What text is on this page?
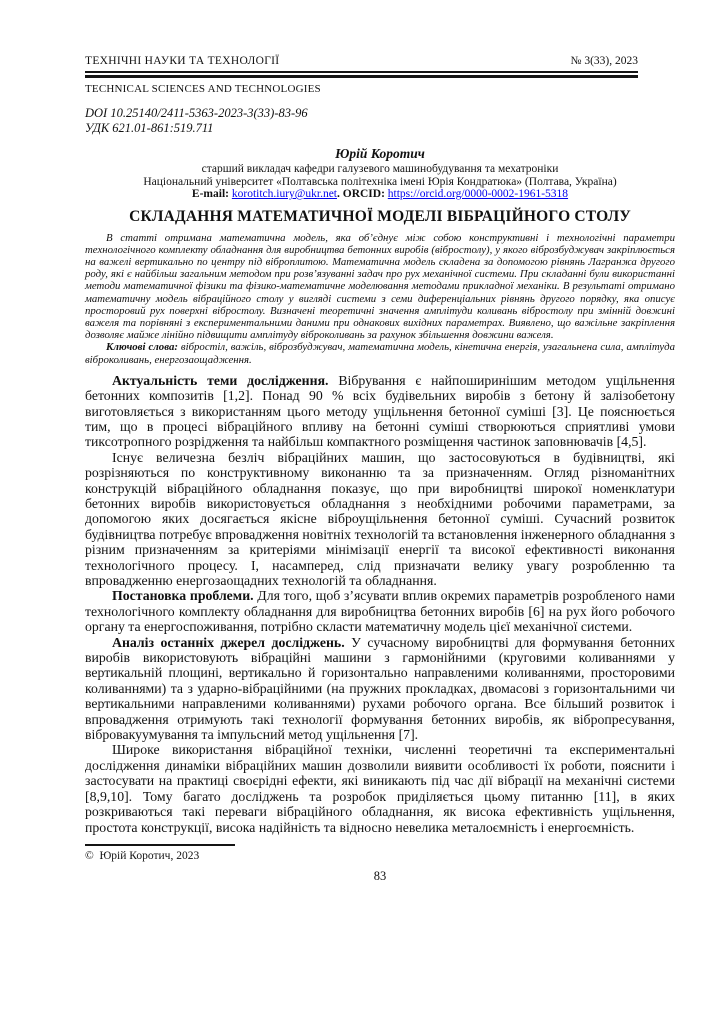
ТЕХНІЧНІ НАУКИ ТА ТЕХНОЛОГІЇ	№ 3(33), 2023
TECHNICAL SCIENCES AND TECHNOLOGIES
DOI 10.25140/2411-5363-2023-3(33)-83-96
УДК 621.01-861:519.711
Юрій Коротич
старший викладач кафедри галузевого машинобудування та мехатроніки
Національний університет «Полтавська політехніка імені Юрія Кондратюка» (Полтава, Україна)
E-mail: korotitch.iury@ukr.net. ORCID: https://orcid.org/0000-0002-1961-5318
СКЛАДАННЯ МАТЕМАТИЧНОЇ МОДЕЛІ ВІБРАЦІЙНОГО СТОЛУ

В статті отримана математична модель, яка об’єднує між собою конструктивні і технологічні параметри технологічного комплекту обладнання для виробництва бетонних виробів (вібростолу), у якого віброзбуджувач закріплюється на важелі вертикально по центру під віброплитою. Математична модель складена за допомогою рівнянь Лагранжа другого роду, які є найбільш загальним методом при розв’язуванні задач про рух механічної системи. При складанні були використанні методи математичної фізики та фізико-математичне моделювання методами прикладної механіки. В результаті отримано математичну модель вібраційного столу у вигляді системи з семи диференціальних рівнянь другого порядку, яка описує просторовий рух поверхні вібростолу. Визначені теоретичні значення амплітуди коливань вібростолу при змінній довжині важеля та порівняні з експериментальними даними при однакових вихідних параметрах. Виявлено, що важільне закріплення дозволяє майже лінійно підвищити амплітуду віброколивань за рахунок збільшення довжини важеля.

Ключові слова: вібростіл, важіль, віброзбуджувач, математична модель, кінетична енергія, узагальнена сила, амплітуда віброколивань, енергозаощадження.

Актуальність теми дослідження. Вібрування є найпоширинішим методом ущільнення бетонних композитів [1,2]. Понад 90 % всіх будівельних виробів з бетону й залізобетону виготовляється з використанням цього методу ущільнення бетонної суміші [3]. Це пояснюється тим, що в процесі вібраційного впливу на бетонні суміші створюються сприятливі умови тиксотропного розрідження та найбільш компактного розміщення частинок заповнювачів [4,5].

Існує величезна безліч вібраційних машин, що застосовуються в будівництві, які розрізняються по конструктивному виконанню та за призначенням. Огляд різноманітних конструкцій вібраційного обладнання показує, що при виробництві широкої номенклатури бетонних виробів використовується обладнання з необхідними робочими параметрами, за допомогою яких досягається якісне віброущільнення бетонної суміші. Сучасний розвиток будівництва потребує впровадження новітніх технологій та встановлення інженерного обладнання з різним призначенням за критеріями мінімізації енергії та високої ефективності виконання технологічного процесу. І, насамперед, слід призначати велику увагу розробленню та впровадженню енергозаощадних технологій та обладнання.

Постановка проблеми. Для того, щоб з’ясувати вплив окремих параметрів розробленого нами технологічного комплекту обладнання для виробництва бетонних виробів [6] на рух його робочого органу та енергоспоживання, потрібно скласти математичну модель цієї механічної системи.

Аналіз останніх джерел досліджень. У сучасному виробництві для формування бетонних виробів використовують вібраційні машини з гармонійними (круговими коливаннями у вертикальній площині, вертикально й горизонтально направленими коливаннями, просторовими коливаннями) та з ударно-вібраційними (на пружних прокладках, двомасові з горизонтальними чи вертикальними направленими коливаннями) рухами робочого органа. Все більший розвиток і впровадження отримують такі технології формування бетонних виробів, як вібропресування, вібровакуумування та імпульсний метод ущільнення [7].

Широке використання вібраційної техніки, численні теоретичні та експериментальні дослідження динаміки вібраційних машин дозволили виявити особливості їх роботи, пояснити і застосувати на практиці своєрідні ефекти, які виникають під час дії вібрації на механічні системи [8,9,10]. Тому багато досліджень та розробок приділяється цьому питанню [11], в яких розкриваються такі переваги вібраційного обладнання, як висока ефективність ущільнення, простота конструкції, висока надійність та відносно невелика металоємність і енергоємність.

©  Юрій Коротич, 2023
83
